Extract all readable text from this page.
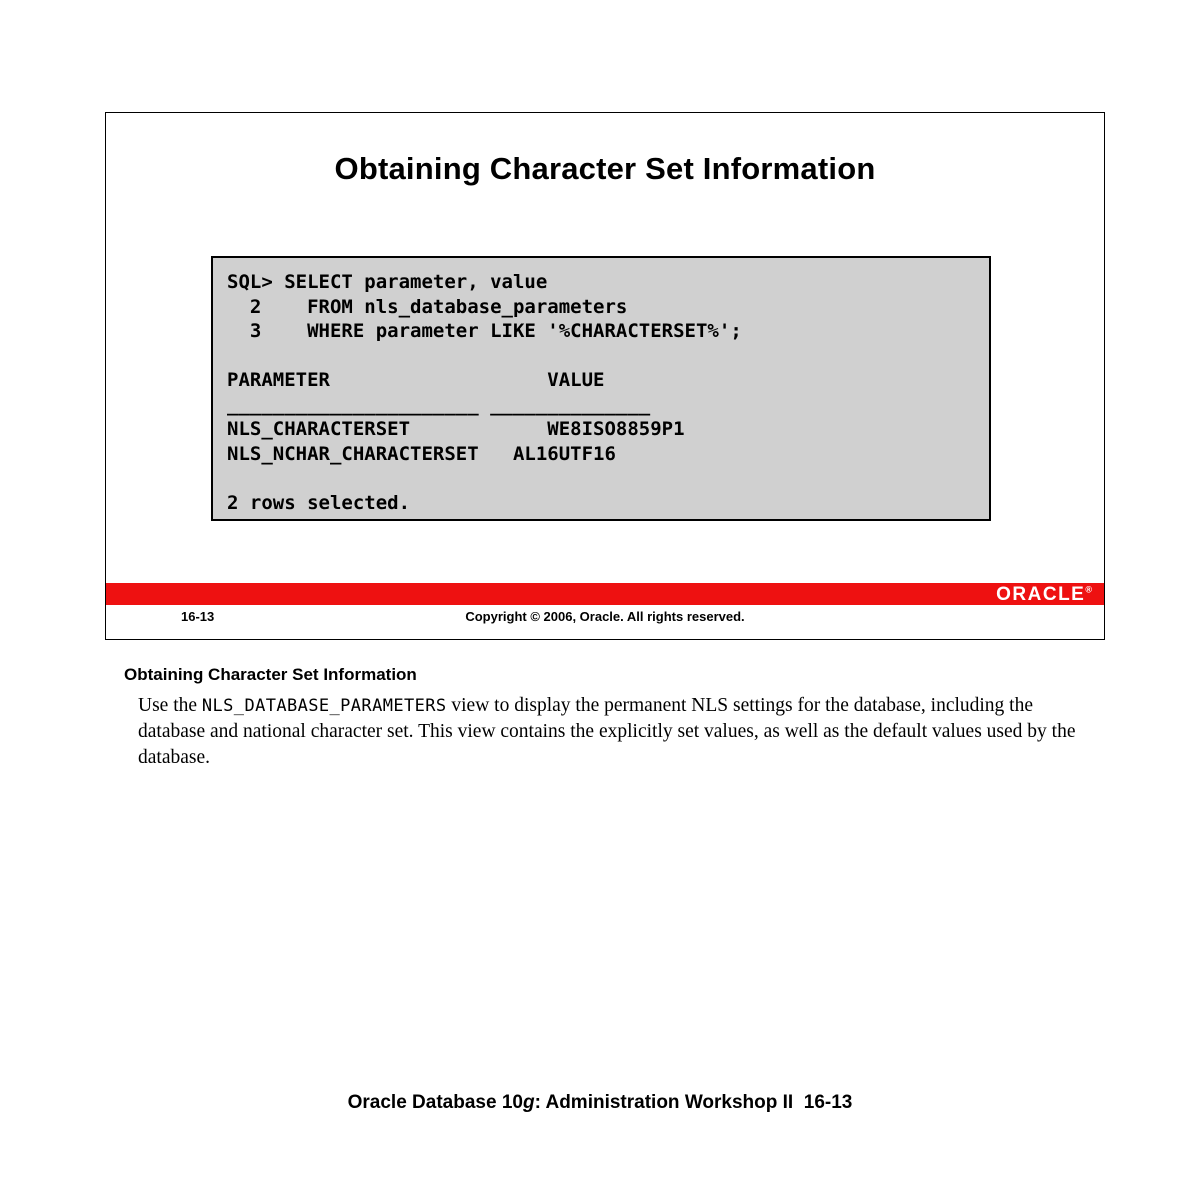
Obtaining Character Set Information
SQL> SELECT parameter, value
2    FROM nls_database_parameters
3    WHERE parameter LIKE '%CHARACTERSET%';
PARAMETER                   VALUE
______________________ ______________
NLS_CHARACTERSET            WE8ISO8859P1
NLS_NCHAR_CHARACTERSET   AL16UTF16
2 rows selected.
ORACLE®
16-13	Copyright © 2006, Oracle. All rights reserved.
Obtaining Character Set Information
Use the NLS_DATABASE_PARAMETERS view to display the permanent NLS settings for the database, including the database and national character set. This view contains the explicitly set values, as well as the default values used by the database.
Oracle Database 10g: Administration Workshop II 16-13
